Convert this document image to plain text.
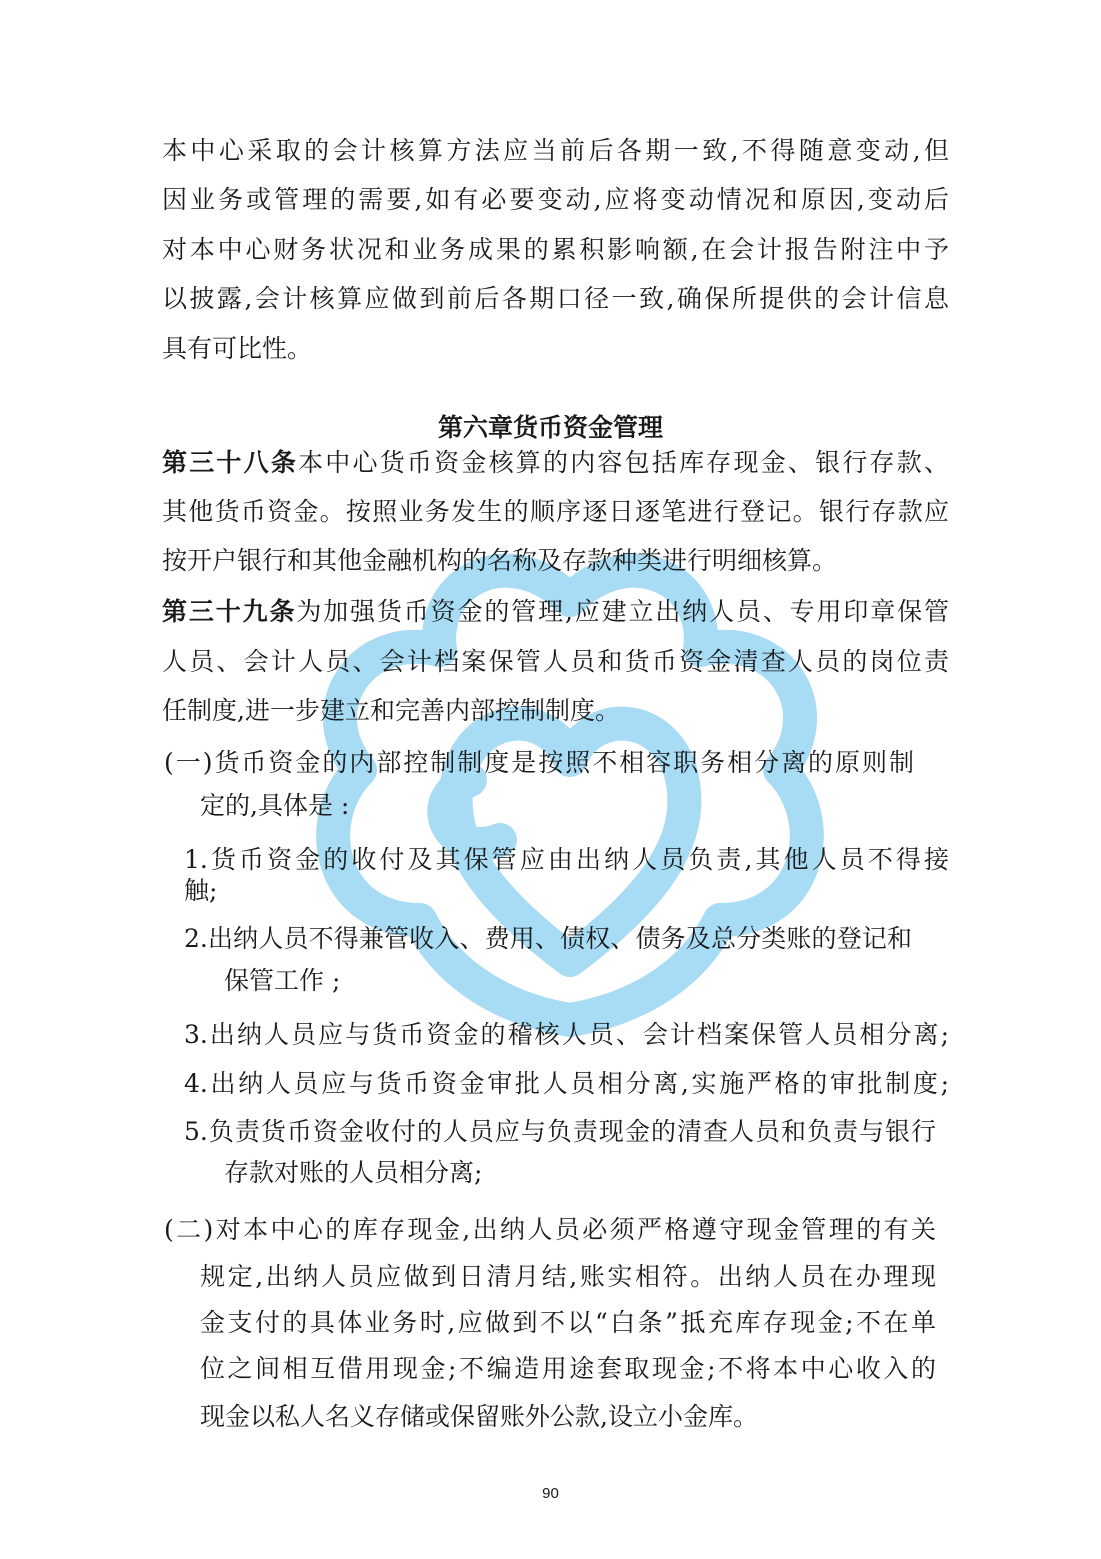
本中心采取的会计核算方法应当前后各期一致,不得随意变动,但
因业务或管理的需要,如有必要变动,应将变动情况和原因,变动后
对本中心财务状况和业务成果的累积影响额,在会计报告附注中予
以披露,会计核算应做到前后各期口径一致,确保所提供的会计信息
具有可比性。
第六章货币资金管理
第三十八条本中心货币资金核算的内容包括库存现金、银行存款、
其他货币资金。按照业务发生的顺序逐日逐笔进行登记。银行存款应
按开户银行和其他金融机构的名称及存款种类进行明细核算。
第三十九条为加强货币资金的管理,应建立出纳人员、专用印章保管
人员、会计人员、会计档案保管人员和货币资金清查人员的岗位责
任制度,进一步建立和完善内部控制制度。
(一)货币资金的内部控制制度是按照不相容职务相分离的原则制
定的,具体是 :
1.货币资金的收付及其保管应由出纳人员负责,其他人员不得接
触;
2.出纳人员不得兼管收入、费用、债权、债务及总分类账的登记和
保管工作 ;
3.出纳人员应与货币资金的稽核人员、会计档案保管人员相分离;
4.出纳人员应与货币资金审批人员相分离,实施严格的审批制度;
5.负责货币资金收付的人员应与负责现金的清查人员和负责与银行
存款对账的人员相分离;
(二)对本中心的库存现金,出纳人员必须严格遵守现金管理的有关
规定,出纳人员应做到日清月结,账实相符。出纳人员在办理现
金支付的具体业务时,应做到不以“白条”抵充库存现金;不在单
位之间相互借用现金;不编造用途套取现金;不将本中心收入的
现金以私人名义存储或保留账外公款,设立小金库。
90
